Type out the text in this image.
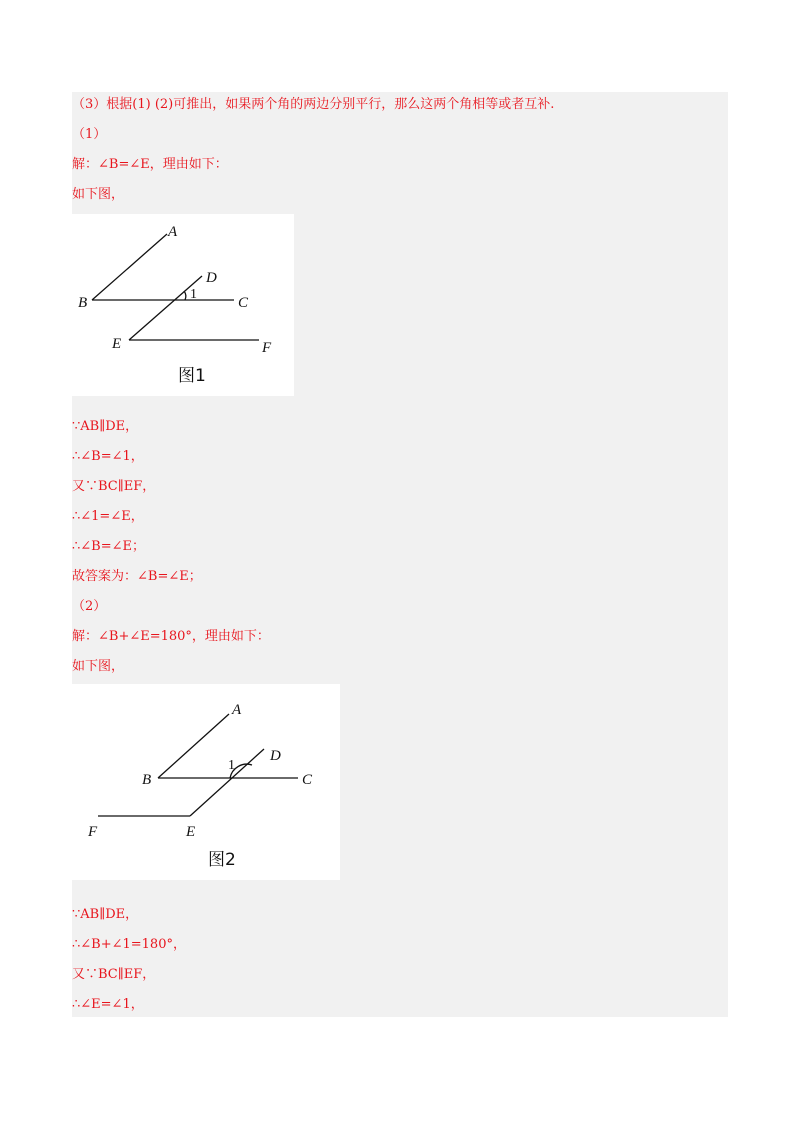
（3）根据(1) (2)可推出，如果两个角的两边分别平行，那么这两个角相等或者互补.
（1）
解：∠B=∠E，理由如下：
如下图，
A
B	C
D
E	F
1
图1
∵AB∥DE，
∴∠B=∠1，
又∵BC∥EF，
∴∠1=∠E，
∴∠B=∠E；
故答案为：∠B=∠E；
（2）
解：∠B+∠E=180°，理由如下：
如下图，
A
B	C
D
E
F
1
图2
∵AB∥DE，
∴∠B+∠1=180°，
又∵BC∥EF，
∴∠E=∠1，
